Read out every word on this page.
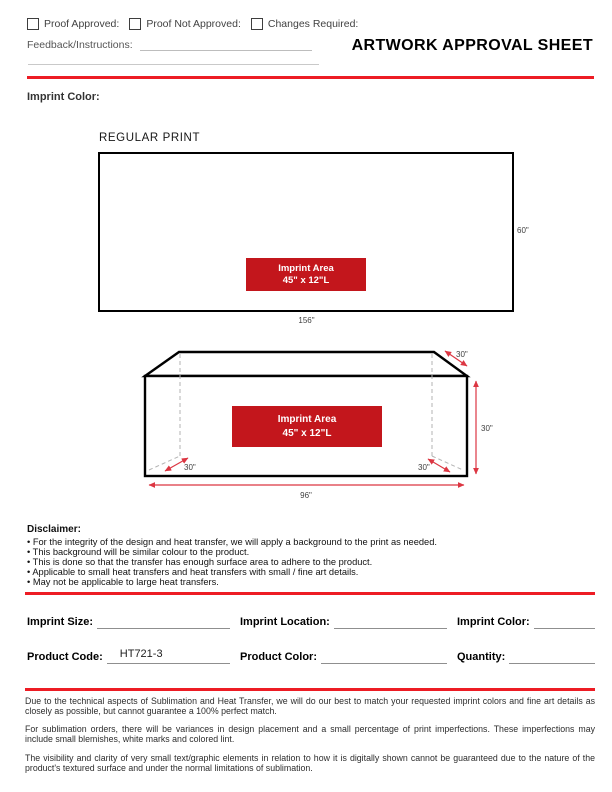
Proof Approved:	Proof Not Approved:	Changes Required:
Feedback/Instructions:	ARTWORK APPROVAL SHEET
Imprint Color:
REGULAR PRINT
Imprint Area
45" x 12"L
60"
156"
Imprint Area
45" x 12"L
30"
30"
96"
30"	30"
Disclaimer:
• For the integrity of the design and heat transfer, we will apply a background to the print as needed.
• This background will be similar colour to the product.
• This is done so that the transfer has enough surface area to adhere to the product.
• Applicable to small heat transfers and heat transfers with small / fine art details.
• May not be applicable to large heat transfers.
Imprint Size:	Imprint Location:	Imprint Color:
Product Code:	HT721-3	Product Color:	Quantity:

Due to the technical aspects of Sublimation and Heat Transfer, we will do our best to match your requested imprint colors and fine art details as closely as possible, but cannot guarantee a 100% perfect match.

For sublimation orders, there will be variances in design placement and a small percentage of print imperfections. These imperfections may include small blemishes, white marks and colored lint.

The visibility and clarity of very small text/graphic elements in relation to how it is digitally shown cannot be guaranteed due to the nature of the product's textured surface and under the normal limitations of sublimation.
